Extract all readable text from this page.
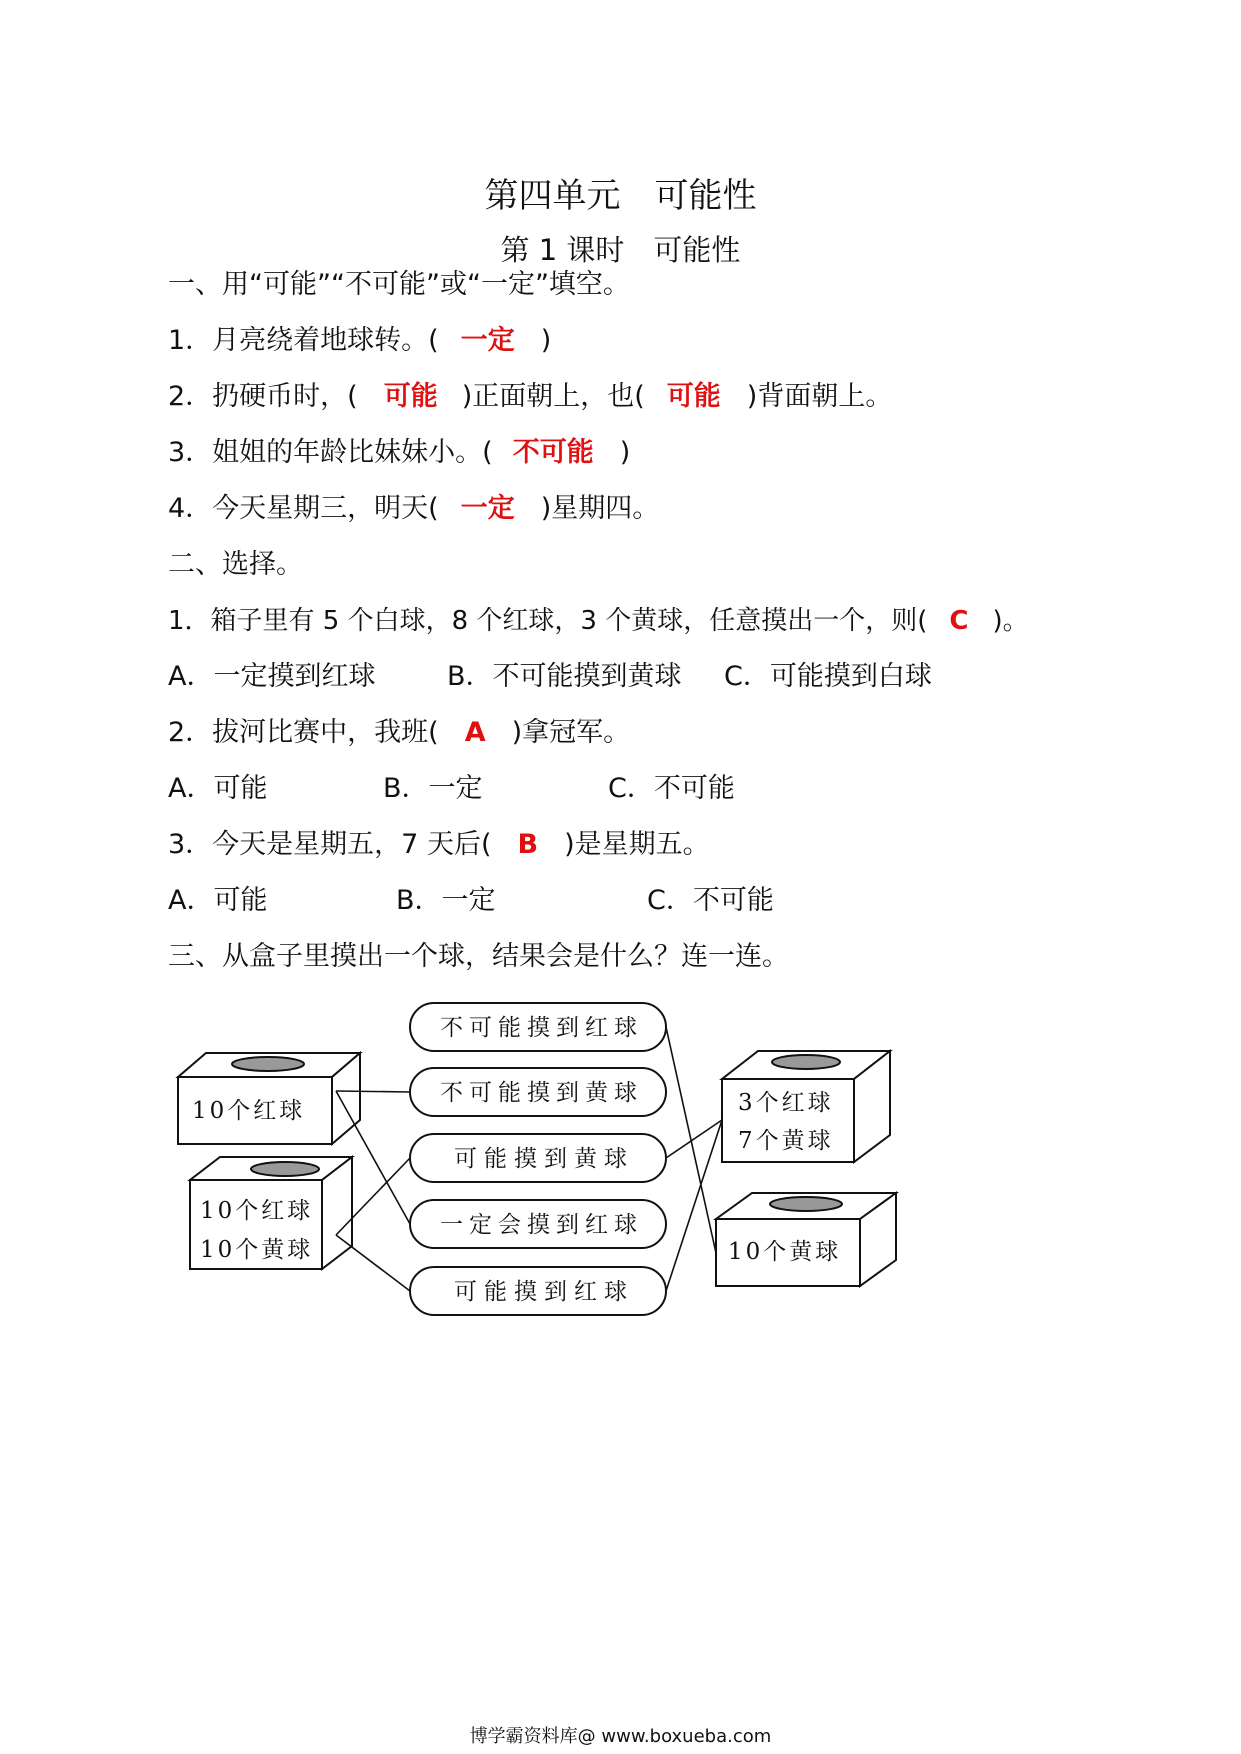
第四单元　可能性
第 1 课时　可能性
一、用“可能”“不可能”或“一定”填空。
1．月亮绕着地球转。( 一定 )
2．扔硬币时，( 可能 )正面朝上，也( 可能 )背面朝上。
3．姐姐的年龄比妹妹小。( 不可能 )
4．今天星期三，明天( 一定 )星期四。
二、选择。
1．箱子里有 5 个白球，8 个红球，3 个黄球，任意摸出一个，则( C )。
A．一定摸到红球	B．不可能摸到黄球 C．可能摸到白球
2．拔河比赛中，我班( A )拿冠军。
A．可能	B．一定	C．不可能
3．今天是星期五，7 天后( B )是星期五。
A．可能	B．一定	C．不可能
三、从盒子里摸出一个球，结果会是什么？连一连。
10个红球
10个红球
10个黄球
3个红球
7个黄球
10个黄球
不可能摸到红球
不可能摸到黄球
可能摸到黄球
一定会摸到红球
可能摸到红球
博学霸资料库@ www.boxueba.com
